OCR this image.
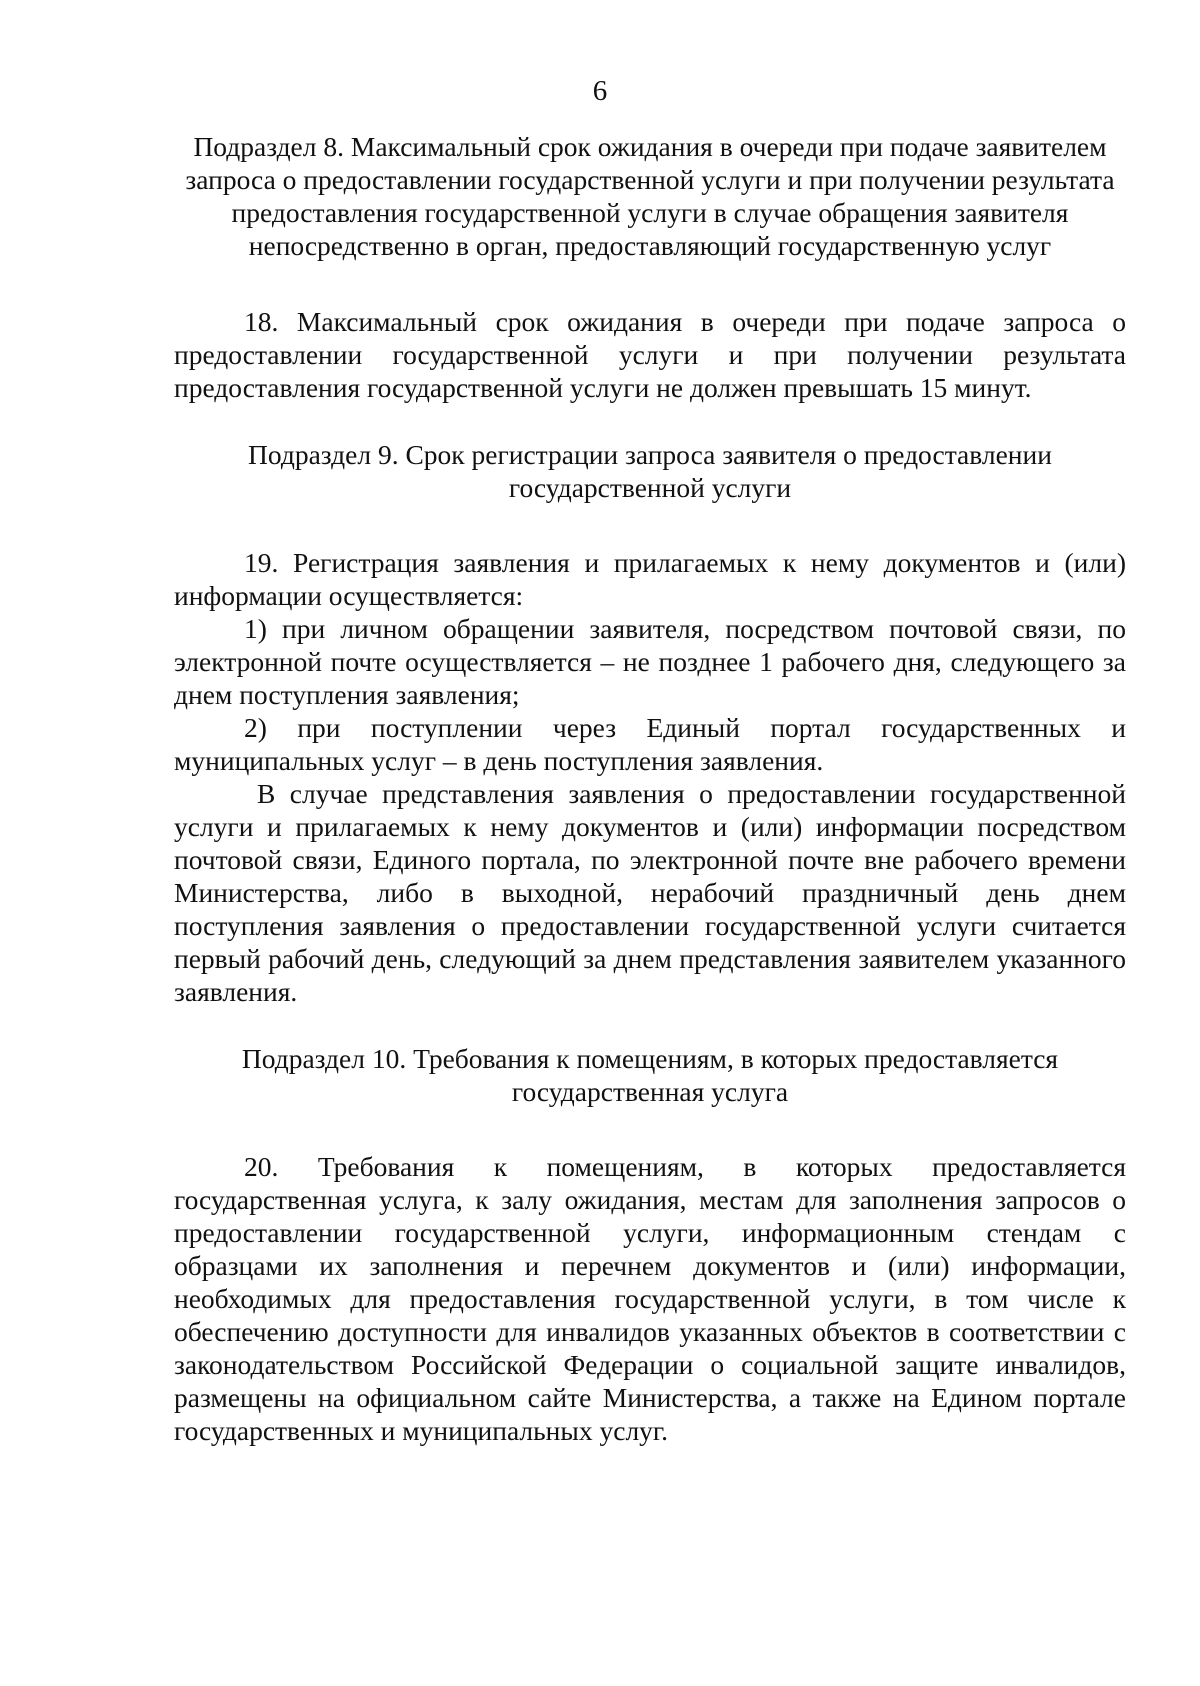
6

Подраздел 8. Максимальный срок ожидания в очереди при подаче заявителем запроса о предоставлении государственной услуги и при получении результата предоставления государственной услуги в случае обращения заявителя непосредственно в орган, предоставляющий государственную услуг

18. Максимальный срок ожидания в очереди при подаче запроса о предоставлении государственной услуги и при получении результата предоставления государственной услуги не должен превышать 15 минут.

Подраздел 9. Срок регистрации запроса заявителя о предоставлении государственной услуги

19. Регистрация заявления и прилагаемых к нему документов и (или) информации осуществляется:

1) при личном обращении заявителя, посредством почтовой связи, по электронной почте осуществляется – не позднее 1 рабочего дня, следующего за днем поступления заявления;

2) при поступлении через Единый портал государственных и муниципальных услуг – в день поступления заявления.

В случае представления заявления о предоставлении государственной услуги и прилагаемых к нему документов и (или) информации посредством почтовой связи, Единого портала, по электронной почте вне рабочего времени Министерства, либо в выходной, нерабочий праздничный день днем поступления заявления о предоставлении государственной услуги считается первый рабочий день, следующий за днем представления заявителем указанного заявления.

Подраздел 10. Требования к помещениям, в которых предоставляется государственная услуга

20. Требования к помещениям, в которых предоставляется государственная услуга, к залу ожидания, местам для заполнения запросов о предоставлении государственной услуги, информационным стендам с образцами их заполнения и перечнем документов и (или) информации, необходимых для предоставления государственной услуги, в том числе к обеспечению доступности для инвалидов указанных объектов в соответствии с законодательством Российской Федерации о социальной защите инвалидов, размещены на официальном сайте Министерства, а также на Едином портале государственных и муниципальных услуг.
